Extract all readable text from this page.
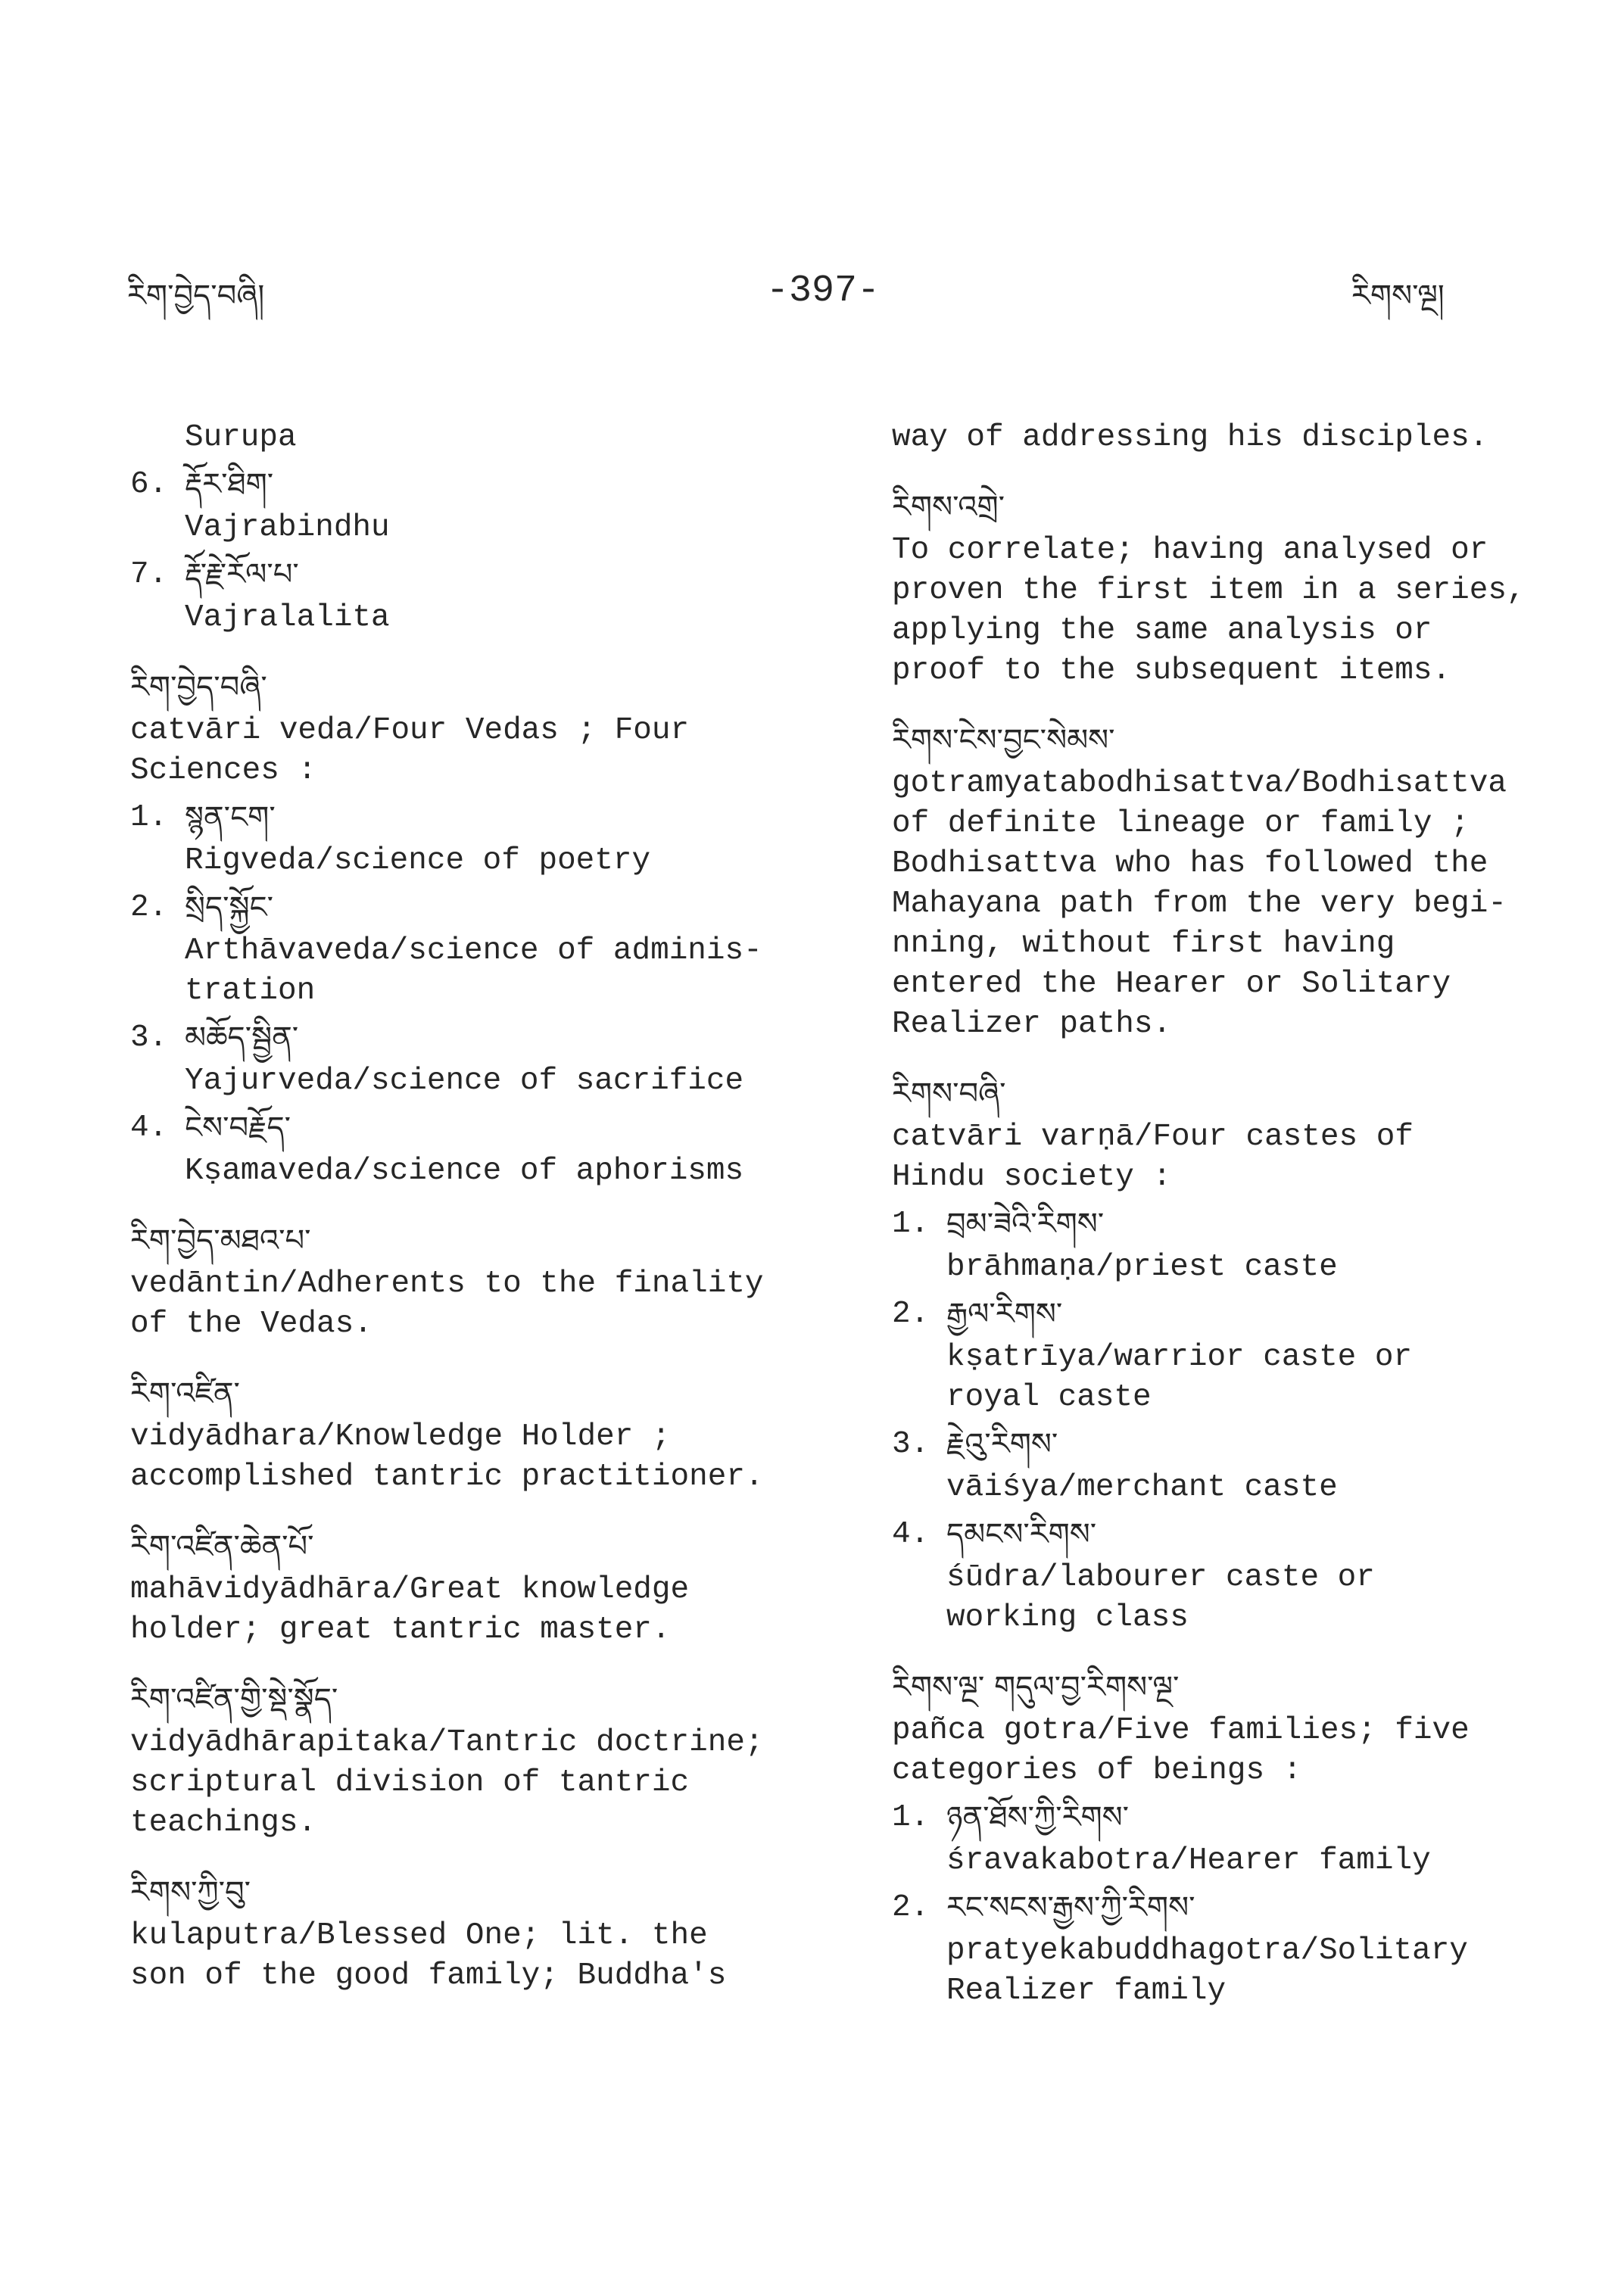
རིག་བྱེད་བཞི།	-397-	རིགས་ལྔ།
Surupa
6. རྡོར་ཐིག་
Vajrabindhu
7. རྡོ་རྗེ་རོལ་པ་
Vajralalita
རིག་བྱེད་བཞི་
catvāri veda/Four Vedas ; Four
Sciences :
1. སྙན་ངག་
Rigveda/science of poetry
2. སྲིད་སྐྱོང་
Arthāvaveda/science of adminis-
tration
3. མཆོད་སྦྱིན་
Yajurveda/science of sacrifice
4. ངེས་བརྗོད་
Kṣamaveda/science of aphorisms
རིག་བྱེད་མཐའ་པ་
vedāntin/Adherents to the finality
of the Vedas.
རིག་འཛིན་
vidyādhara/Knowledge Holder ;
accomplished tantric practitioner.
རིག་འཛིན་ཆེན་པོ་
mahāvidyādhāra/Great knowledge
holder; great tantric master.
རིག་འཛིན་གྱི་སྡེ་སྣོད་
vidyādhārapitaka/Tantric doctrine;
scriptural division of tantric
teachings.
རིགས་ཀྱི་བུ་
kulaputra/Blessed One; lit. the
son of the good family; Buddha's
way of addressing his disciples.
རིགས་འགྲེ་
To correlate; having analysed or
proven the first item in a series,
applying the same analysis or
proof to the subsequent items.
རིགས་ངེས་བྱང་སེམས་
gotramyatabodhisattva/Bodhisattva
of definite lineage or family ;
Bodhisattva who has followed the
Mahayana path from the very begi-
nning, without first having
entered the Hearer or Solitary
Realizer paths.
རིགས་བཞི་
catvāri varṇā/Four castes of
Hindu society :
1. བྲམ་ཟེའི་རིགས་
brāhmaṇa/priest caste
2. རྒྱལ་རིགས་
kṣatrīya/warrior caste or
royal caste
3. རྗེའུ་རིགས་
vāiśya/merchant caste
4. དམངས་རིགས་
śūdra/labourer caste or
working class
རིགས་ལྔ་ གདུལ་བྱ་རིགས་ལྔ་
pañca gotra/Five families; five
categories of beings :
1. ཉན་ཐོས་ཀྱི་རིགས་
śravakabotra/Hearer family
2. རང་སངས་རྒྱས་ཀྱི་རིགས་
pratyekabuddhagotra/Solitary
Realizer family
